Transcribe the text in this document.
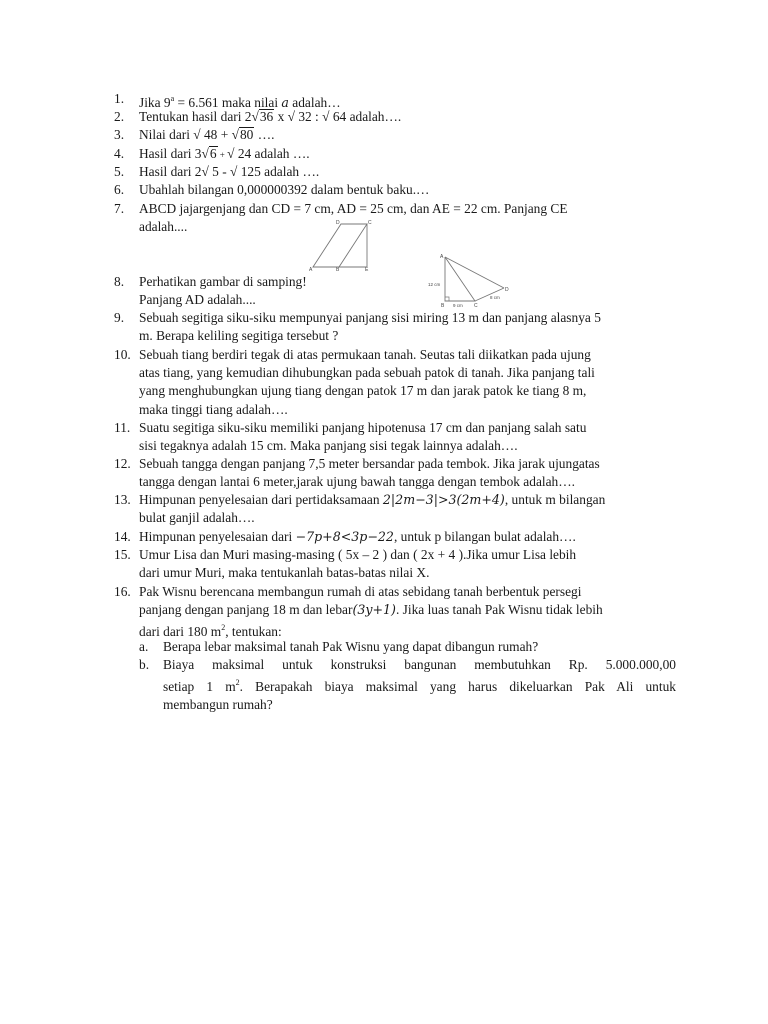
1.	Jika $9^a = 6.561$ maka nilai a adalah…
2.	Tentukan hasil dari 2√36 x √ 32 : √ 64 adalah….
3.	Nilai dari √ 48 + √80 ….
4.	Hasil dari 3√6 + √ 24 adalah ….
5.	Hasil dari 2√ 5 - √ 125 adalah ….
6.	Ubahlah bilangan 0,000000392 dalam bentuk baku.…
7.	ABCD jajargenjang dan CD = 7 cm, AD = 25 cm, dan AE = 22 cm. Panjang CE
adalah....	D	C
A	B	E
8.	Perhatikan gambar di samping!
Panjang AD adalah....
A
D
B	C
12 cm
9 cm
8 cm
9.	Sebuah segitiga siku-siku mempunyai panjang sisi miring 13 m dan panjang alasnya 5
m. Berapa keliling segitiga tersebut ?
10. Sebuah tiang berdiri tegak di atas permukaan tanah. Seutas tali diikatkan pada ujung
atas tiang, yang kemudian dihubungkan pada sebuah patok di tanah. Jika panjang tali
yang menghubungkan ujung tiang dengan patok 17 m dan jarak patok ke tiang 8 m,
maka tinggi tiang adalah….
11. Suatu segitiga siku-siku memiliki panjang hipotenusa 17 cm dan panjang salah satu
sisi tegaknya adalah 15 cm. Maka panjang sisi tegak lainnya adalah….
12. Sebuah tangga dengan panjang 7,5 meter bersandar pada tembok. Jika jarak ujungatas
tangga dengan lantai 6 meter,jarak ujung bawah tangga dengan tembok adalah….
13. Himpunan penyelesaian dari pertidaksamaan 2|2m−3|>3(2m+4), untuk m bilangan
bulat ganjil adalah….
14. Himpunan penyelesaian dari −7p+8<3p−22, untuk p bilangan bulat adalah….
15. Umur Lisa dan Muri masing-masing ( 5x – 2 ) dan ( 2x + 4 ).Jika umur Lisa lebih
dari umur Muri, maka tentukanlah batas-batas nilai X.
16. Pak Wisnu berencana membangun rumah di atas sebidang tanah berbentuk persegi
panjang dengan panjang 18 m dan lebar(3y+1). Jika luas tanah Pak Wisnu tidak lebih
dari dari 180 $m^2$, tentukan:
a.	Berapa lebar maksimal tanah Pak Wisnu yang dapat dibangun rumah?
b.	Biaya maksimal untuk konstruksi bangunan membutuhkan Rp. 5.000.000,00
setiap 1 $m^2$. Berapakah biaya maksimal yang harus dikeluarkan Pak Ali untuk
membangun rumah?
